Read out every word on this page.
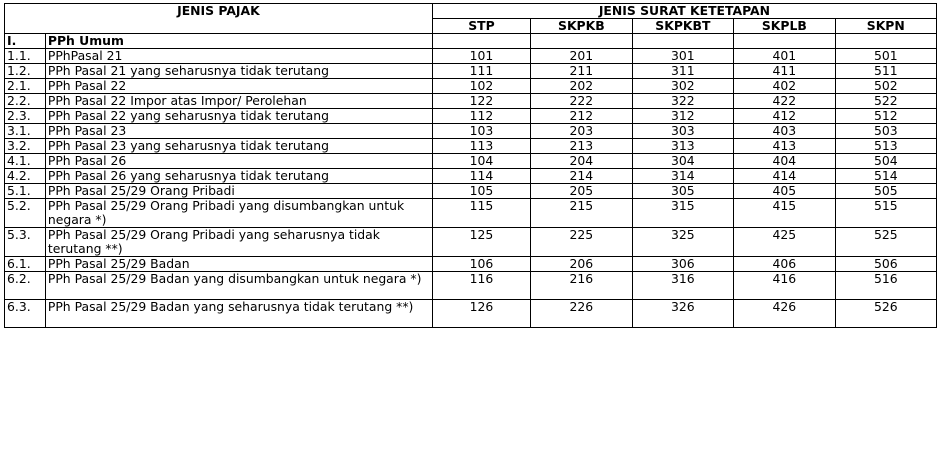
JENIS PAJAK		JENIS SURAT KETETAPAN				
		STP	SKPKB	SKPKBT	SKPLB	SKPN
I.	PPh Umum					
1.1.	PPhPasal 21	101	201	301	401	501
1.2.	PPh Pasal 21 yang seharusnya tidak terutang	111	211	311	411	511
2.1.	PPh Pasal 22	102	202	302	402	502
2.2.	PPh Pasal 22 Impor atas Impor/ Perolehan	122	222	322	422	522
2.3.	PPh Pasal 22 yang seharusnya tidak terutang	112	212	312	412	512
3.1.	PPh Pasal 23	103	203	303	403	503
3.2.	PPh Pasal 23 yang seharusnya tidak terutang	113	213	313	413	513
4.1.	PPh Pasal 26	104	204	304	404	504
4.2.	PPh Pasal 26 yang seharusnya tidak terutang	114	214	314	414	514
5.1.	PPh Pasal 25/29 Orang Pribadi	105	205	305	405	505
5.2.	PPh Pasal 25/29 Orang Pribadi yang disumbangkan untuk negara *)	115	215	315	415	515
5.3.	PPh Pasal 25/29 Orang Pribadi yang seharusnya tidak terutang **)	125	225	325	425	525
6.1.	PPh Pasal 25/29 Badan	106	206	306	406	506
6.2.	PPh Pasal 25/29 Badan yang disumbangkan untuk negara *)	116	216	316	416	516
6.3.	PPh Pasal 25/29 Badan yang seharusnya tidak terutang **)	126	226	326	426	526
